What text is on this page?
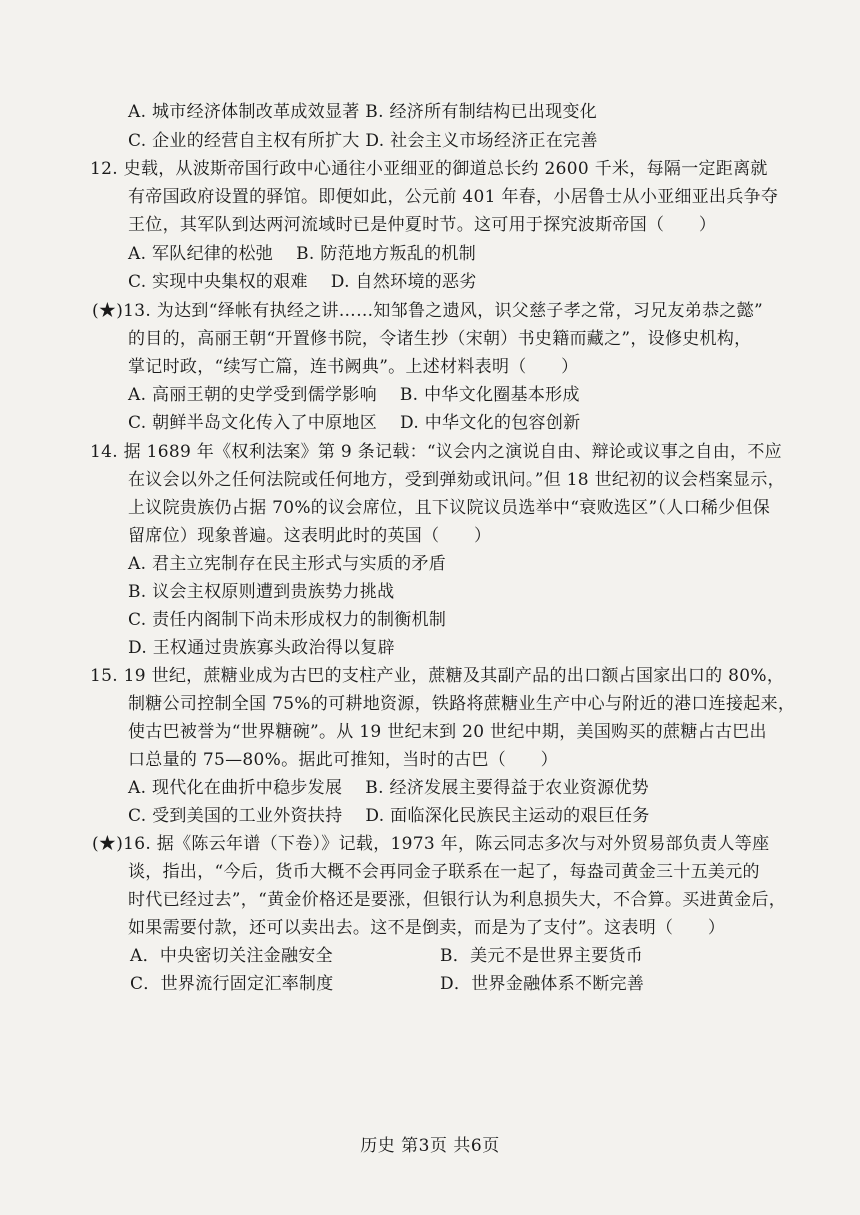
A. 城市经济体制改革成效显著 B. 经济所有制结构已出现变化
C. 企业的经营自主权有所扩大 D. 社会主义市场经济正在完善
12. 史载，从波斯帝国行政中心通往小亚细亚的御道总长约 2600 千米，每隔一定距离就
有帝国政府设置的驿馆。即便如此，公元前 401 年春，小居鲁士从小亚细亚出兵争夺
王位，其军队到达两河流域时已是仲夏时节。这可用于探究波斯帝国（　　）
A. 军队纪律的松弛　 B. 防范地方叛乱的机制
C. 实现中央集权的艰难　 D. 自然环境的恶劣
(★)13. 为达到“绎帐有执经之讲……知邹鲁之遗风，识父慈子孝之常，习兄友弟恭之懿”
的目的，高丽王朝“开置修书院，令诸生抄（宋朝）书史籍而藏之”，设修史机构，
掌记时政，“续写亡篇，连书阙典”。上述材料表明（　　）
A. 高丽王朝的史学受到儒学影响　 B. 中华文化圈基本形成
C. 朝鲜半岛文化传入了中原地区　 D. 中华文化的包容创新
14. 据 1689 年《权利法案》第 9 条记载：“议会内之演说自由、辩论或议事之自由，不应
在议会以外之任何法院或任何地方，受到弹劾或讯问。”但 18 世纪初的议会档案显示，
上议院贵族仍占据 70%的议会席位，且下议院议员选举中“衰败选区”（人口稀少但保
留席位）现象普遍。这表明此时的英国（　　）
A. 君主立宪制存在民主形式与实质的矛盾
B. 议会主权原则遭到贵族势力挑战
C. 责任内阁制下尚未形成权力的制衡机制
D. 王权通过贵族寡头政治得以复辟
15. 19 世纪，蔗糖业成为古巴的支柱产业，蔗糖及其副产品的出口额占国家出口的 80%，
制糖公司控制全国 75%的可耕地资源，铁路将蔗糖业生产中心与附近的港口连接起来，
使古巴被誉为“世界糖碗”。从 19 世纪末到 20 世纪中期，美国购买的蔗糖占古巴出
口总量的 75—80%。据此可推知，当时的古巴（　　）
A. 现代化在曲折中稳步发展　 B. 经济发展主要得益于农业资源优势
C. 受到美国的工业外资扶持　 D. 面临深化民族民主运动的艰巨任务
(★)16. 据《陈云年谱（下卷）》记载，1973 年，陈云同志多次与对外贸易部负责人等座
谈，指出，“今后，货币大概不会再同金子联系在一起了，每盎司黄金三十五美元的
时代已经过去”，“黄金价格还是要涨，但银行认为利息损失大，不合算。买进黄金后，
如果需要付款，还可以卖出去。这不是倒卖，而是为了支付”。这表明（　　）
A．中央密切关注金融安全	B．美元不是世界主要货币
C．世界流行固定汇率制度	D．世界金融体系不断完善
历史 第3页 共6页
